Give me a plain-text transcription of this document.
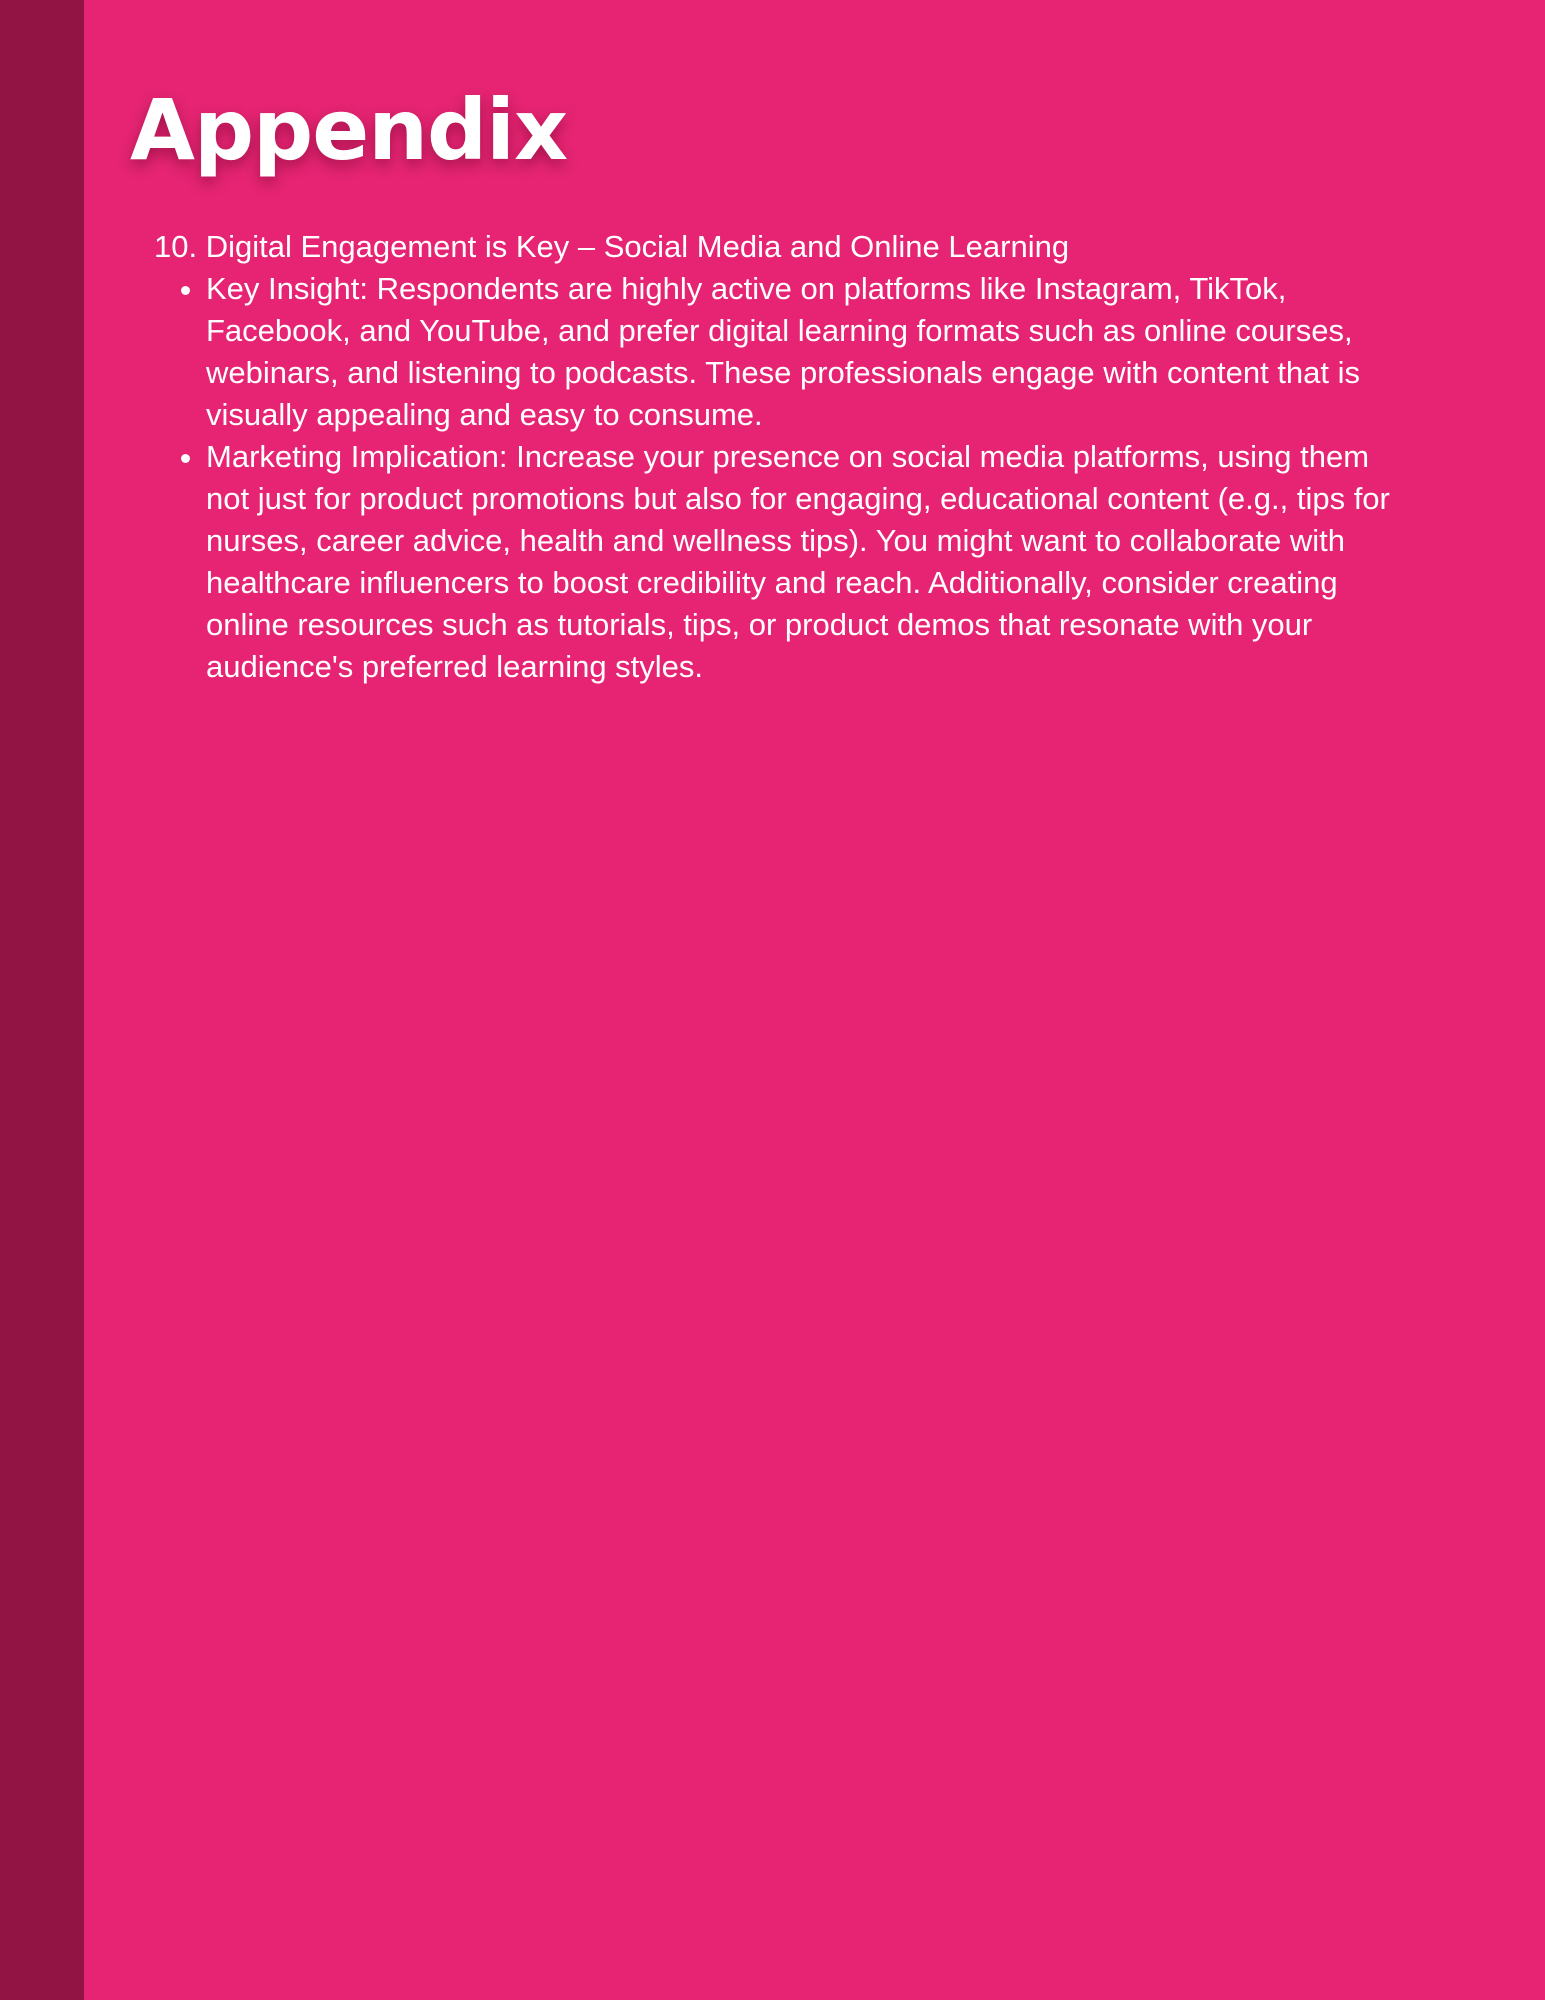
Appendix
10. Digital Engagement is Key – Social Media and Online Learning
• Key Insight: Respondents are highly active on platforms like Instagram, TikTok, Facebook, and YouTube, and prefer digital learning formats such as online courses, webinars, and listening to podcasts. These professionals engage with content that is visually appealing and easy to consume.
• Marketing Implication: Increase your presence on social media platforms, using them not just for product promotions but also for engaging, educational content (e.g., tips for nurses, career advice, health and wellness tips). You might want to collaborate with healthcare influencers to boost credibility and reach. Additionally, consider creating online resources such as tutorials, tips, or product demos that resonate with your audience's preferred learning styles.
